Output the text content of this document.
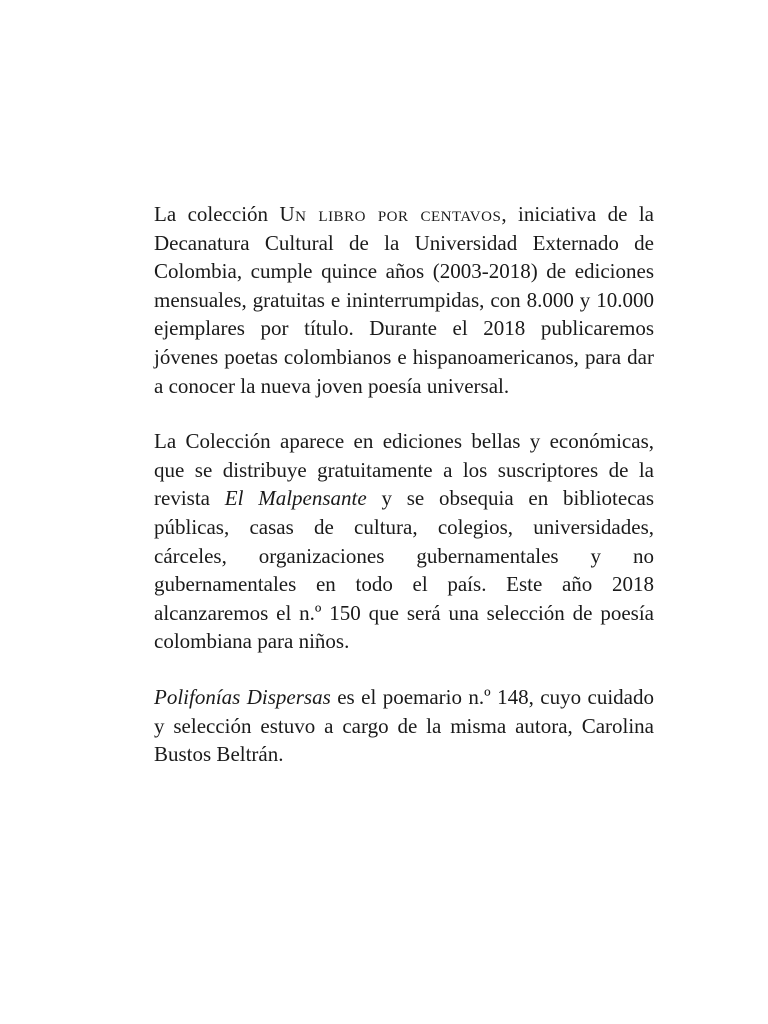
La colección Un libro por centavos, iniciativa de la Decanatura Cultural de la Universidad Externado de Colombia, cumple quince años (2003-2018) de ediciones mensuales, gratuitas e ininterrumpidas, con 8.000 y 10.000 ejemplares por título. Durante el 2018 publicaremos jóvenes poetas colombianos e hispanoamericanos, para dar a conocer la nueva joven poesía universal.

La Colección aparece en ediciones bellas y económicas, que se distribuye gratuitamente a los suscriptores de la revista El Malpensante y se obsequia en bibliotecas públicas, casas de cultura, colegios, universidades, cárceles, organizaciones gubernamentales y no gubernamentales en todo el país. Este año 2018 alcanzaremos el n.º 150 que será una selección de poesía colombiana para niños.

Polifonías Dispersas es el poemario n.º 148, cuyo cuidado y selección estuvo a cargo de la misma autora, Carolina Bustos Beltrán.
